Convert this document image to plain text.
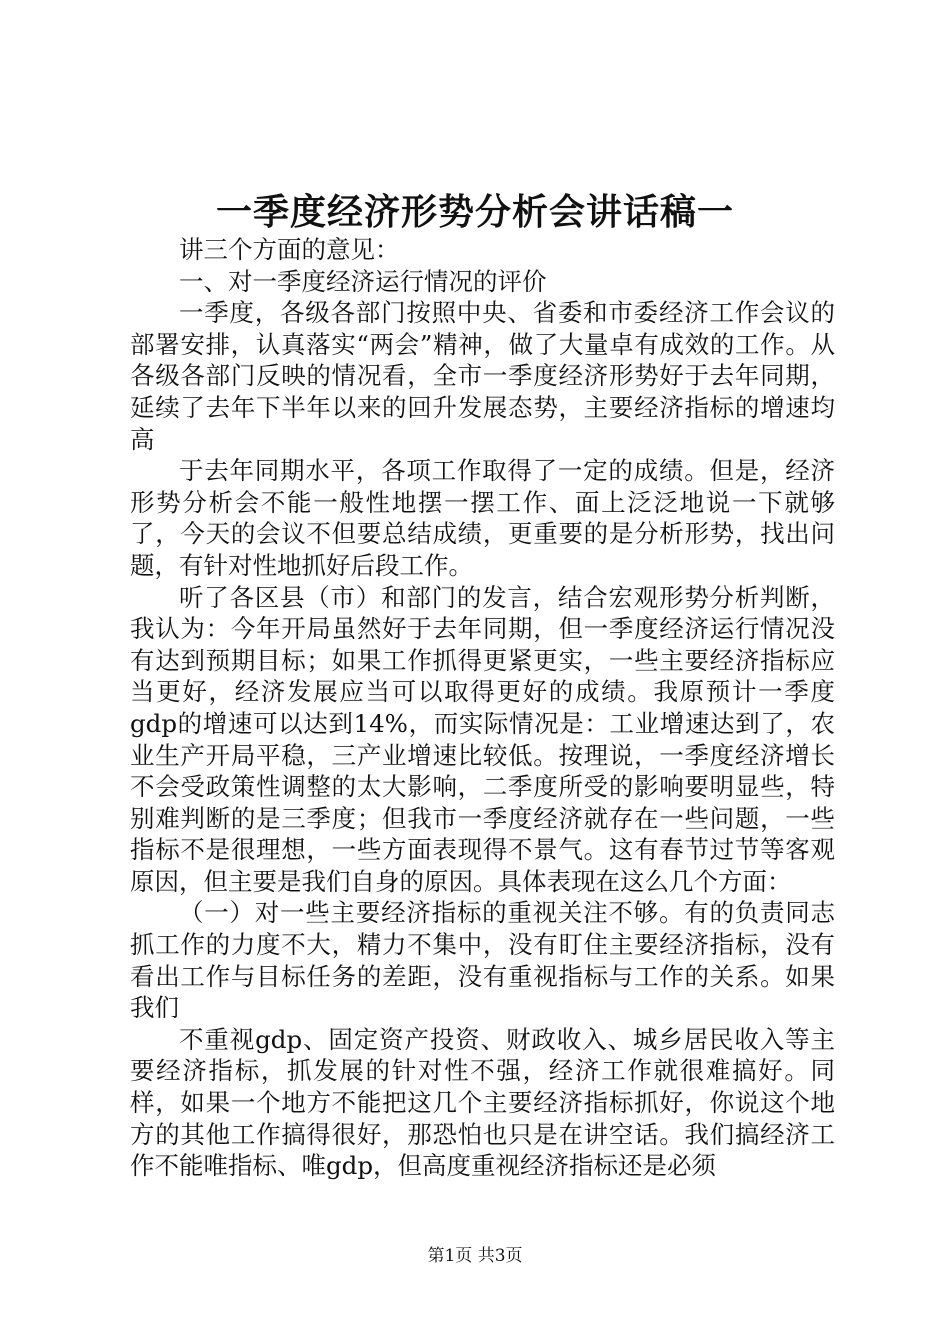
一季度经济形势分析会讲话稿一

讲三个方面的意见：

一、对一季度经济运行情况的评价

一季度，各级各部门按照中央、省委和市委经济工作会议的部署安排，认真落实“两会”精神，做了大量卓有成效的工作。从各级各部门反映的情况看，全市一季度经济形势好于去年同期，延续了去年下半年以来的回升发展态势，主要经济指标的增速均高

于去年同期水平，各项工作取得了一定的成绩。但是，经济形势分析会不能一般性地摆一摆工作、面上泛泛地说一下就够了，今天的会议不但要总结成绩，更重要的是分析形势，找出问题，有针对性地抓好后段工作。

听了各区县（市）和部门的发言，结合宏观形势分析判断，我认为：今年开局虽然好于去年同期，但一季度经济运行情况没有达到预期目标；如果工作抓得更紧更实，一些主要经济指标应当更好，经济发展应当可以取得更好的成绩。我原预计一季度gdp的增速可以达到14%，而实际情况是：工业增速达到了，农业生产开局平稳，三产业增速比较低。按理说，一季度经济增长不会受政策性调整的太大影响，二季度所受的影响要明显些，特别难判断的是三季度；但我市一季度经济就存在一些问题，一些指标不是很理想，一些方面表现得不景气。这有春节过节等客观原因，但主要是我们自身的原因。具体表现在这么几个方面：

（一）对一些主要经济指标的重视关注不够。有的负责同志抓工作的力度不大，精力不集中，没有盯住主要经济指标，没有看出工作与目标任务的差距，没有重视指标与工作的关系。如果我们

不重视gdp、固定资产投资、财政收入、城乡居民收入等主要经济指标，抓发展的针对性不强，经济工作就很难搞好。同样，如果一个地方不能把这几个主要经济指标抓好，你说这个地方的其他工作搞得很好，那恐怕也只是在讲空话。我们搞经济工作不能唯指标、唯gdp，但高度重视经济指标还是必须

第1页 共3页
